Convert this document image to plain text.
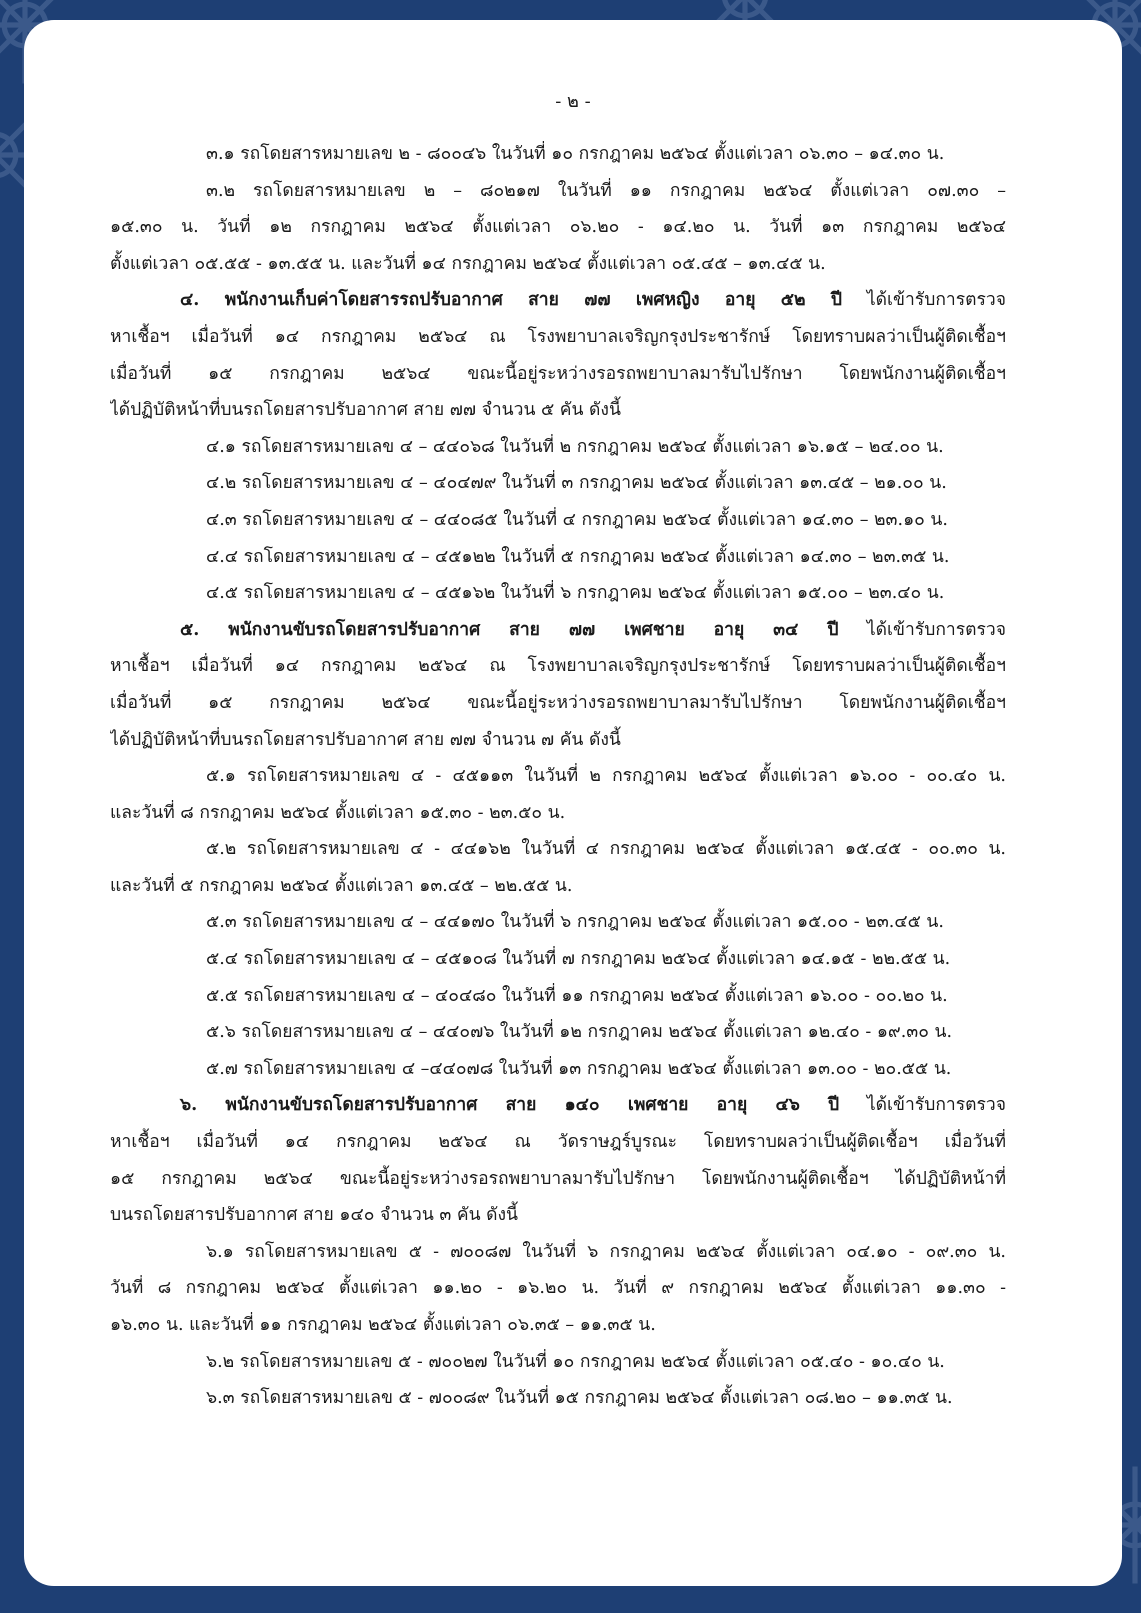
- ๒ -
๓.๑ รถโดยสารหมายเลข ๒ - ๘๐๐๔๖ ในวันที่ ๑๐ กรกฎาคม ๒๕๖๔ ตั้งแต่เวลา ๐๖.๓๐ – ๑๔.๓๐ น.
๓.๒ รถโดยสารหมายเลข ๒ – ๘๐๒๑๗ ในวันที่ ๑๑ กรกฎาคม ๒๕๖๔ ตั้งแต่เวลา ๐๗.๓๐ –
๑๕.๓๐ น. วันที่ ๑๒ กรกฎาคม ๒๕๖๔ ตั้งแต่เวลา ๐๖.๒๐ - ๑๔.๒๐ น. วันที่ ๑๓ กรกฎาคม ๒๕๖๔
ตั้งแต่เวลา ๐๕.๕๕ - ๑๓.๕๕ น. และวันที่ ๑๔ กรกฎาคม ๒๕๖๔ ตั้งแต่เวลา ๐๕.๔๕ – ๑๓.๔๕ น.
๔. พนักงานเก็บค่าโดยสารรถปรับอากาศ สาย ๗๗ เพศหญิง อายุ ๕๒ ปี ได้เข้ารับการตรวจ
หาเชื้อฯ เมื่อวันที่ ๑๔ กรกฎาคม ๒๕๖๔ ณ โรงพยาบาลเจริญกรุงประชารักษ์ โดยทราบผลว่าเป็นผู้ติดเชื้อฯ
เมื่อวันที่ ๑๕ กรกฎาคม ๒๕๖๔ ขณะนี้อยู่ระหว่างรอรถพยาบาลมารับไปรักษา โดยพนักงานผู้ติดเชื้อฯ
ได้ปฏิบัติหน้าที่บนรถโดยสารปรับอากาศ สาย ๗๗ จำนวน ๕ คัน ดังนี้
๔.๑ รถโดยสารหมายเลข ๔ – ๔๔๐๖๘ ในวันที่ ๒ กรกฎาคม ๒๕๖๔ ตั้งแต่เวลา ๑๖.๑๕ – ๒๔.๐๐ น.
๔.๒ รถโดยสารหมายเลข ๔ – ๔๐๔๗๙ ในวันที่ ๓ กรกฎาคม ๒๕๖๔ ตั้งแต่เวลา ๑๓.๔๕ – ๒๑.๐๐ น.
๔.๓ รถโดยสารหมายเลข ๔ – ๔๔๐๘๕ ในวันที่ ๔ กรกฎาคม ๒๕๖๔ ตั้งแต่เวลา ๑๔.๓๐ – ๒๓.๑๐ น.
๔.๔ รถโดยสารหมายเลข ๔ – ๔๕๑๒๒ ในวันที่ ๕ กรกฎาคม ๒๕๖๔ ตั้งแต่เวลา ๑๔.๓๐ – ๒๓.๓๕ น.
๔.๕ รถโดยสารหมายเลข ๔ – ๔๕๑๖๒ ในวันที่ ๖ กรกฎาคม ๒๕๖๔ ตั้งแต่เวลา ๑๕.๐๐ – ๒๓.๔๐ น.
๕. พนักงานขับรถโดยสารปรับอากาศ สาย ๗๗ เพศชาย อายุ ๓๔ ปี ได้เข้ารับการตรวจ
หาเชื้อฯ เมื่อวันที่ ๑๔ กรกฎาคม ๒๕๖๔ ณ โรงพยาบาลเจริญกรุงประชารักษ์ โดยทราบผลว่าเป็นผู้ติดเชื้อฯ
เมื่อวันที่ ๑๕ กรกฎาคม ๒๕๖๔ ขณะนี้อยู่ระหว่างรอรถพยาบาลมารับไปรักษา โดยพนักงานผู้ติดเชื้อฯ
ได้ปฏิบัติหน้าที่บนรถโดยสารปรับอากาศ สาย ๗๗ จำนวน ๗ คัน ดังนี้
๕.๑ รถโดยสารหมายเลข ๔ - ๔๕๑๑๓ ในวันที่ ๒ กรกฎาคม ๒๕๖๔ ตั้งแต่เวลา ๑๖.๐๐ - ๐๐.๔๐ น.
และวันที่ ๘ กรกฎาคม ๒๕๖๔ ตั้งแต่เวลา ๑๕.๓๐ - ๒๓.๕๐ น.
๕.๒ รถโดยสารหมายเลข ๔ - ๔๔๑๖๒ ในวันที่ ๔ กรกฎาคม ๒๕๖๔ ตั้งแต่เวลา ๑๕.๔๕ - ๐๐.๓๐ น.
และวันที่ ๕ กรกฎาคม ๒๕๖๔ ตั้งแต่เวลา ๑๓.๔๕ – ๒๒.๕๕ น.
๕.๓ รถโดยสารหมายเลข ๔ – ๔๔๑๗๐ ในวันที่ ๖ กรกฎาคม ๒๕๖๔ ตั้งแต่เวลา ๑๕.๐๐ - ๒๓.๔๕ น.
๕.๔ รถโดยสารหมายเลข ๔ – ๔๕๑๐๘ ในวันที่ ๗ กรกฎาคม ๒๕๖๔ ตั้งแต่เวลา ๑๔.๑๕ - ๒๒.๕๕ น.
๕.๕ รถโดยสารหมายเลข ๔ – ๔๐๔๘๐ ในวันที่ ๑๑ กรกฎาคม ๒๕๖๔ ตั้งแต่เวลา ๑๖.๐๐ - ๐๐.๒๐ น.
๕.๖ รถโดยสารหมายเลข ๔ – ๔๔๐๗๖ ในวันที่ ๑๒ กรกฎาคม ๒๕๖๔ ตั้งแต่เวลา ๑๒.๔๐ - ๑๙.๓๐ น.
๕.๗ รถโดยสารหมายเลข ๔ –๔๔๐๗๘ ในวันที่ ๑๓ กรกฎาคม ๒๕๖๔ ตั้งแต่เวลา ๑๓.๐๐ - ๒๐.๕๕ น.
๖. พนักงานขับรถโดยสารปรับอากาศ สาย ๑๔๐ เพศชาย อายุ ๔๖ ปี ได้เข้ารับการตรวจ
หาเชื้อฯ เมื่อวันที่ ๑๔ กรกฎาคม ๒๕๖๔ ณ วัดราษฎร์บูรณะ โดยทราบผลว่าเป็นผู้ติดเชื้อฯ เมื่อวันที่
๑๕ กรกฎาคม ๒๕๖๔ ขณะนี้อยู่ระหว่างรอรถพยาบาลมารับไปรักษา โดยพนักงานผู้ติดเชื้อฯ ได้ปฏิบัติหน้าที่
บนรถโดยสารปรับอากาศ สาย ๑๔๐ จำนวน ๓ คัน ดังนี้
๖.๑ รถโดยสารหมายเลข ๕ - ๗๐๐๘๗ ในวันที่ ๖ กรกฎาคม ๒๕๖๔ ตั้งแต่เวลา ๐๔.๑๐ - ๐๙.๓๐ น.
วันที่ ๘ กรกฎาคม ๒๕๖๔ ตั้งแต่เวลา ๑๑.๒๐ - ๑๖.๒๐ น. วันที่ ๙ กรกฎาคม ๒๕๖๔ ตั้งแต่เวลา ๑๑.๓๐ -
๑๖.๓๐ น. และวันที่ ๑๑ กรกฎาคม ๒๕๖๔ ตั้งแต่เวลา ๐๖.๓๕ – ๑๑.๓๕ น.
๖.๒ รถโดยสารหมายเลข ๕ - ๗๐๐๒๗ ในวันที่ ๑๐ กรกฎาคม ๒๕๖๔ ตั้งแต่เวลา ๐๕.๔๐ - ๑๐.๔๐ น.
๖.๓ รถโดยสารหมายเลข ๕ - ๗๐๐๘๙ ในวันที่ ๑๕ กรกฎาคม ๒๕๖๔ ตั้งแต่เวลา ๐๘.๒๐ – ๑๑.๓๕ น.
